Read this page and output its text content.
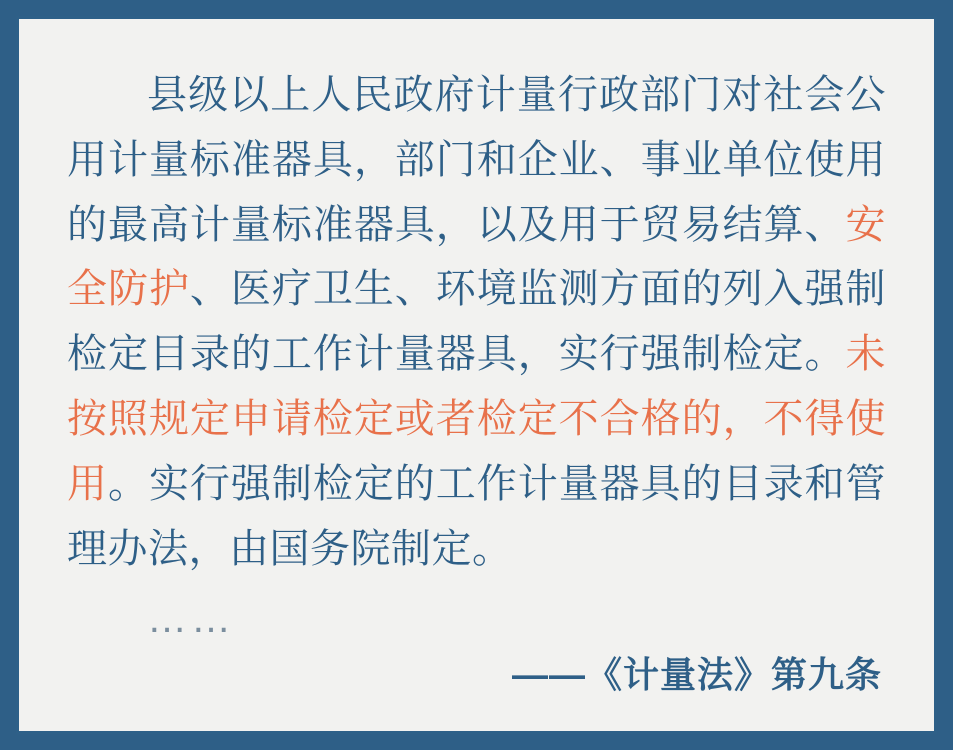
县级以上人民政府计量行政部门对社会公用计量标准器具，部门和企业、事业单位使用的最高计量标准器具，以及用于贸易结算、安全防护、医疗卫生、环境监测方面的列入强制检定目录的工作计量器具，实行强制检定。未按照规定申请检定或者检定不合格的，不得使用。实行强制检定的工作计量器具的目录和管理办法，由国务院制定。

……
——《计量法》第九条
